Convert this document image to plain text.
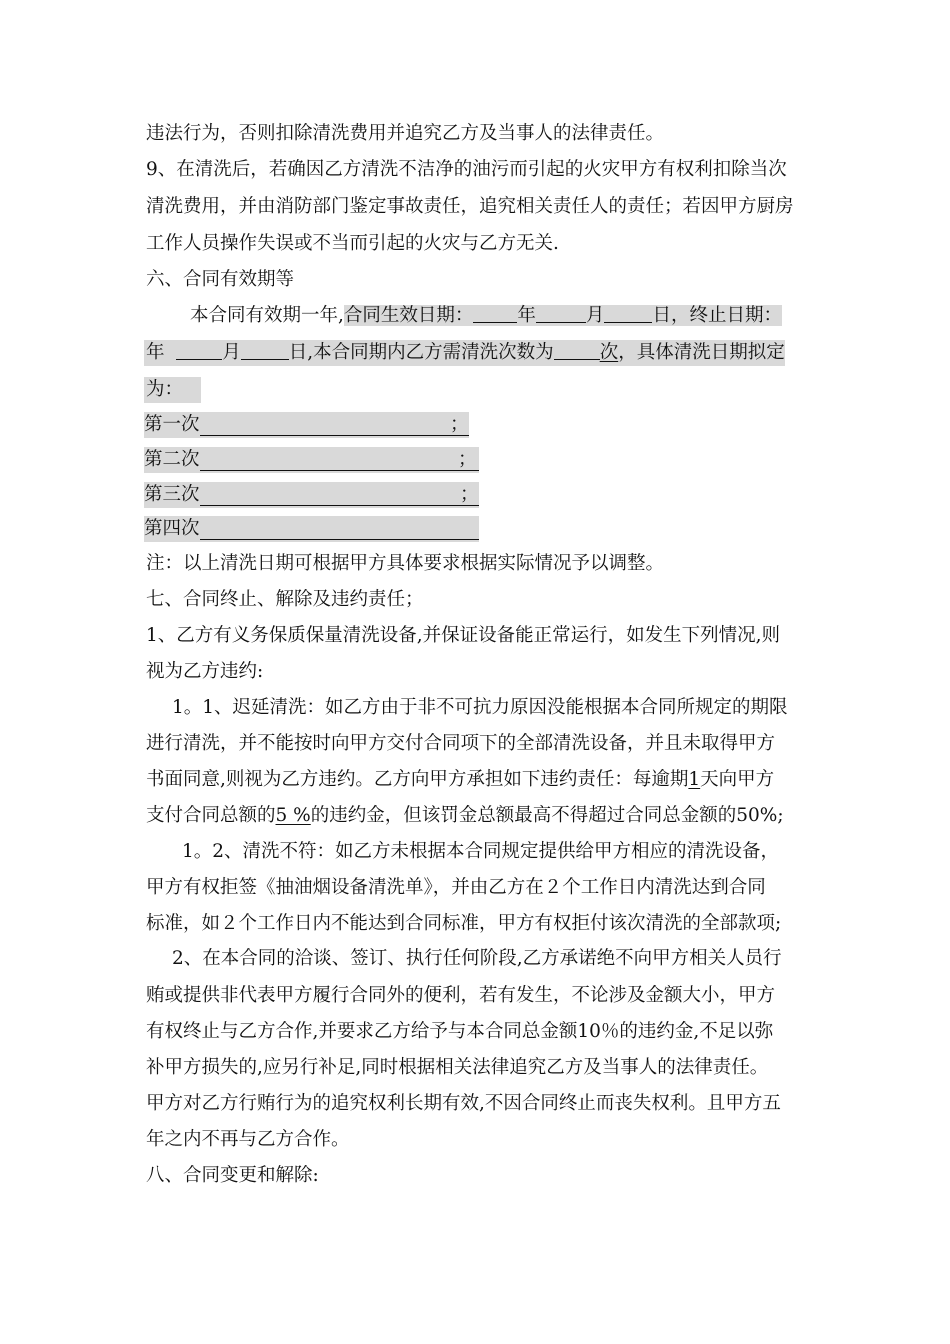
违法行为，否则扣除清洗费用并追究乙方及当事人的法律责任。
9、在清洗后，若确因乙方清洗不洁净的油污而引起的火灾甲方有权利扣除当次
清洗费用，并由消防部门鉴定事故责任，追究相关责任人的责任；若因甲方厨房
工作人员操作失误或不当而引起的火灾与乙方无关.
六、合同有效期等
本合同有效期一年,合同生效日期： 年	月	日，终止日期：
年	月	日,本合同期内乙方需清洗次数为 次，具体清洗日期拟定
为：
第一次	；
第二次	；
第三次	；
第四次
注：以上清洗日期可根据甲方具体要求根据实际情况予以调整。
七、合同终止、解除及违约责任；
1、乙方有义务保质保量清洗设备,并保证设备能正常运行，如发生下列情况,则
视为乙方违约:
1。1、迟延清洗：如乙方由于非不可抗力原因没能根据本合同所规定的期限
进行清洗，并不能按时向甲方交付合同项下的全部清洗设备，并且未取得甲方
书面同意,则视为乙方违约。乙方向甲方承担如下违约责任：每逾期1天向甲方
支付合同总额的5 %的违约金，但该罚金总额最高不得超过合同总金额的50%;
1。2、清洗不符：如乙方未根据本合同规定提供给甲方相应的清洗设备，
甲方有权拒签《抽油烟设备清洗单》，并由乙方在２个工作日内清洗达到合同
标准，如２个工作日内不能达到合同标准，甲方有权拒付该次清洗的全部款项;
2、在本合同的洽谈、签订、执行任何阶段,乙方承诺绝不向甲方相关人员行
贿或提供非代表甲方履行合同外的便利，若有发生，不论涉及金额大小，甲方
有权终止与乙方合作,并要求乙方给予与本合同总金额10％的违约金,不足以弥
补甲方损失的,应另行补足,同时根据相关法律追究乙方及当事人的法律责任。
甲方对乙方行贿行为的追究权利长期有效,不因合同终止而丧失权利。且甲方五
年之内不再与乙方合作。
八、合同变更和解除:
